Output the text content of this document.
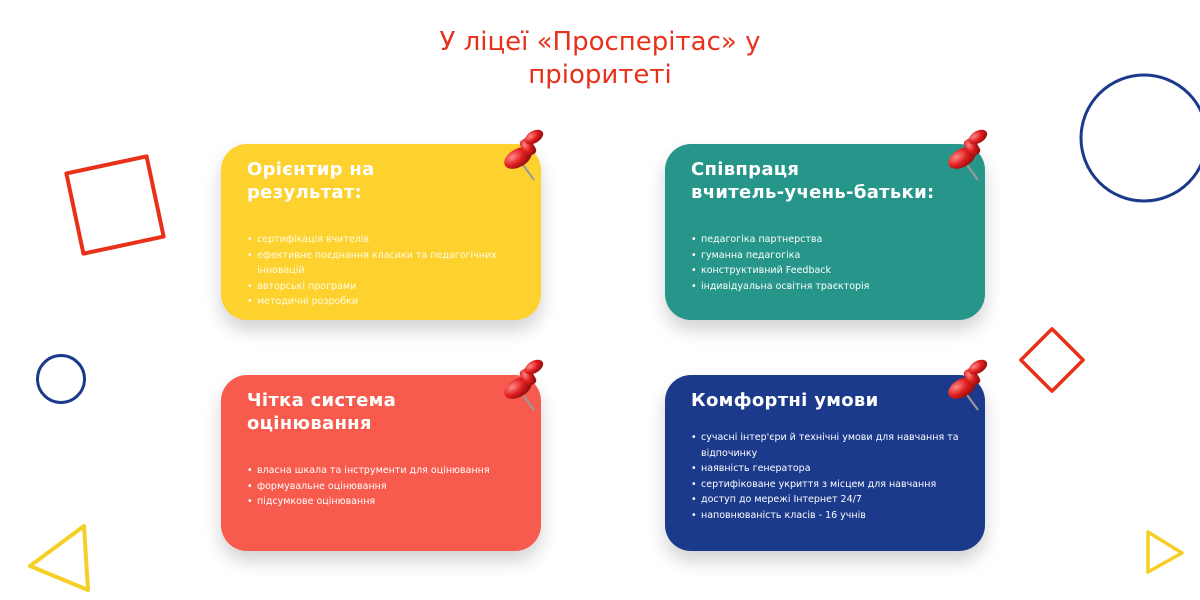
У ліцеї «Просперітас» у
пріоритеті
Орієнтир на
результат:
• сертифікація вчителів
• ефективне поєднання класики та педагогічних інновацій
• авторські програми
• методичні розробки
Співпраця
вчитель-учень-батьки:
• педагогіка партнерства
• гуманна педагогіка
• конструктивний Feedback
• індивідуальна освітня траєкторія
Чітка система
оцінювання
• власна шкала та інструменти для оцінювання
• формувальне оцінювання
• підсумкове оцінювання
Комфортні умови
• сучасні інтер'єри й технічні умови для навчання та відпочинку
• наявність генератора
• сертифіковане укриття з місцем для навчання
• доступ до мережі Інтернет 24/7
• наповнюваність класів - 16 учнів
